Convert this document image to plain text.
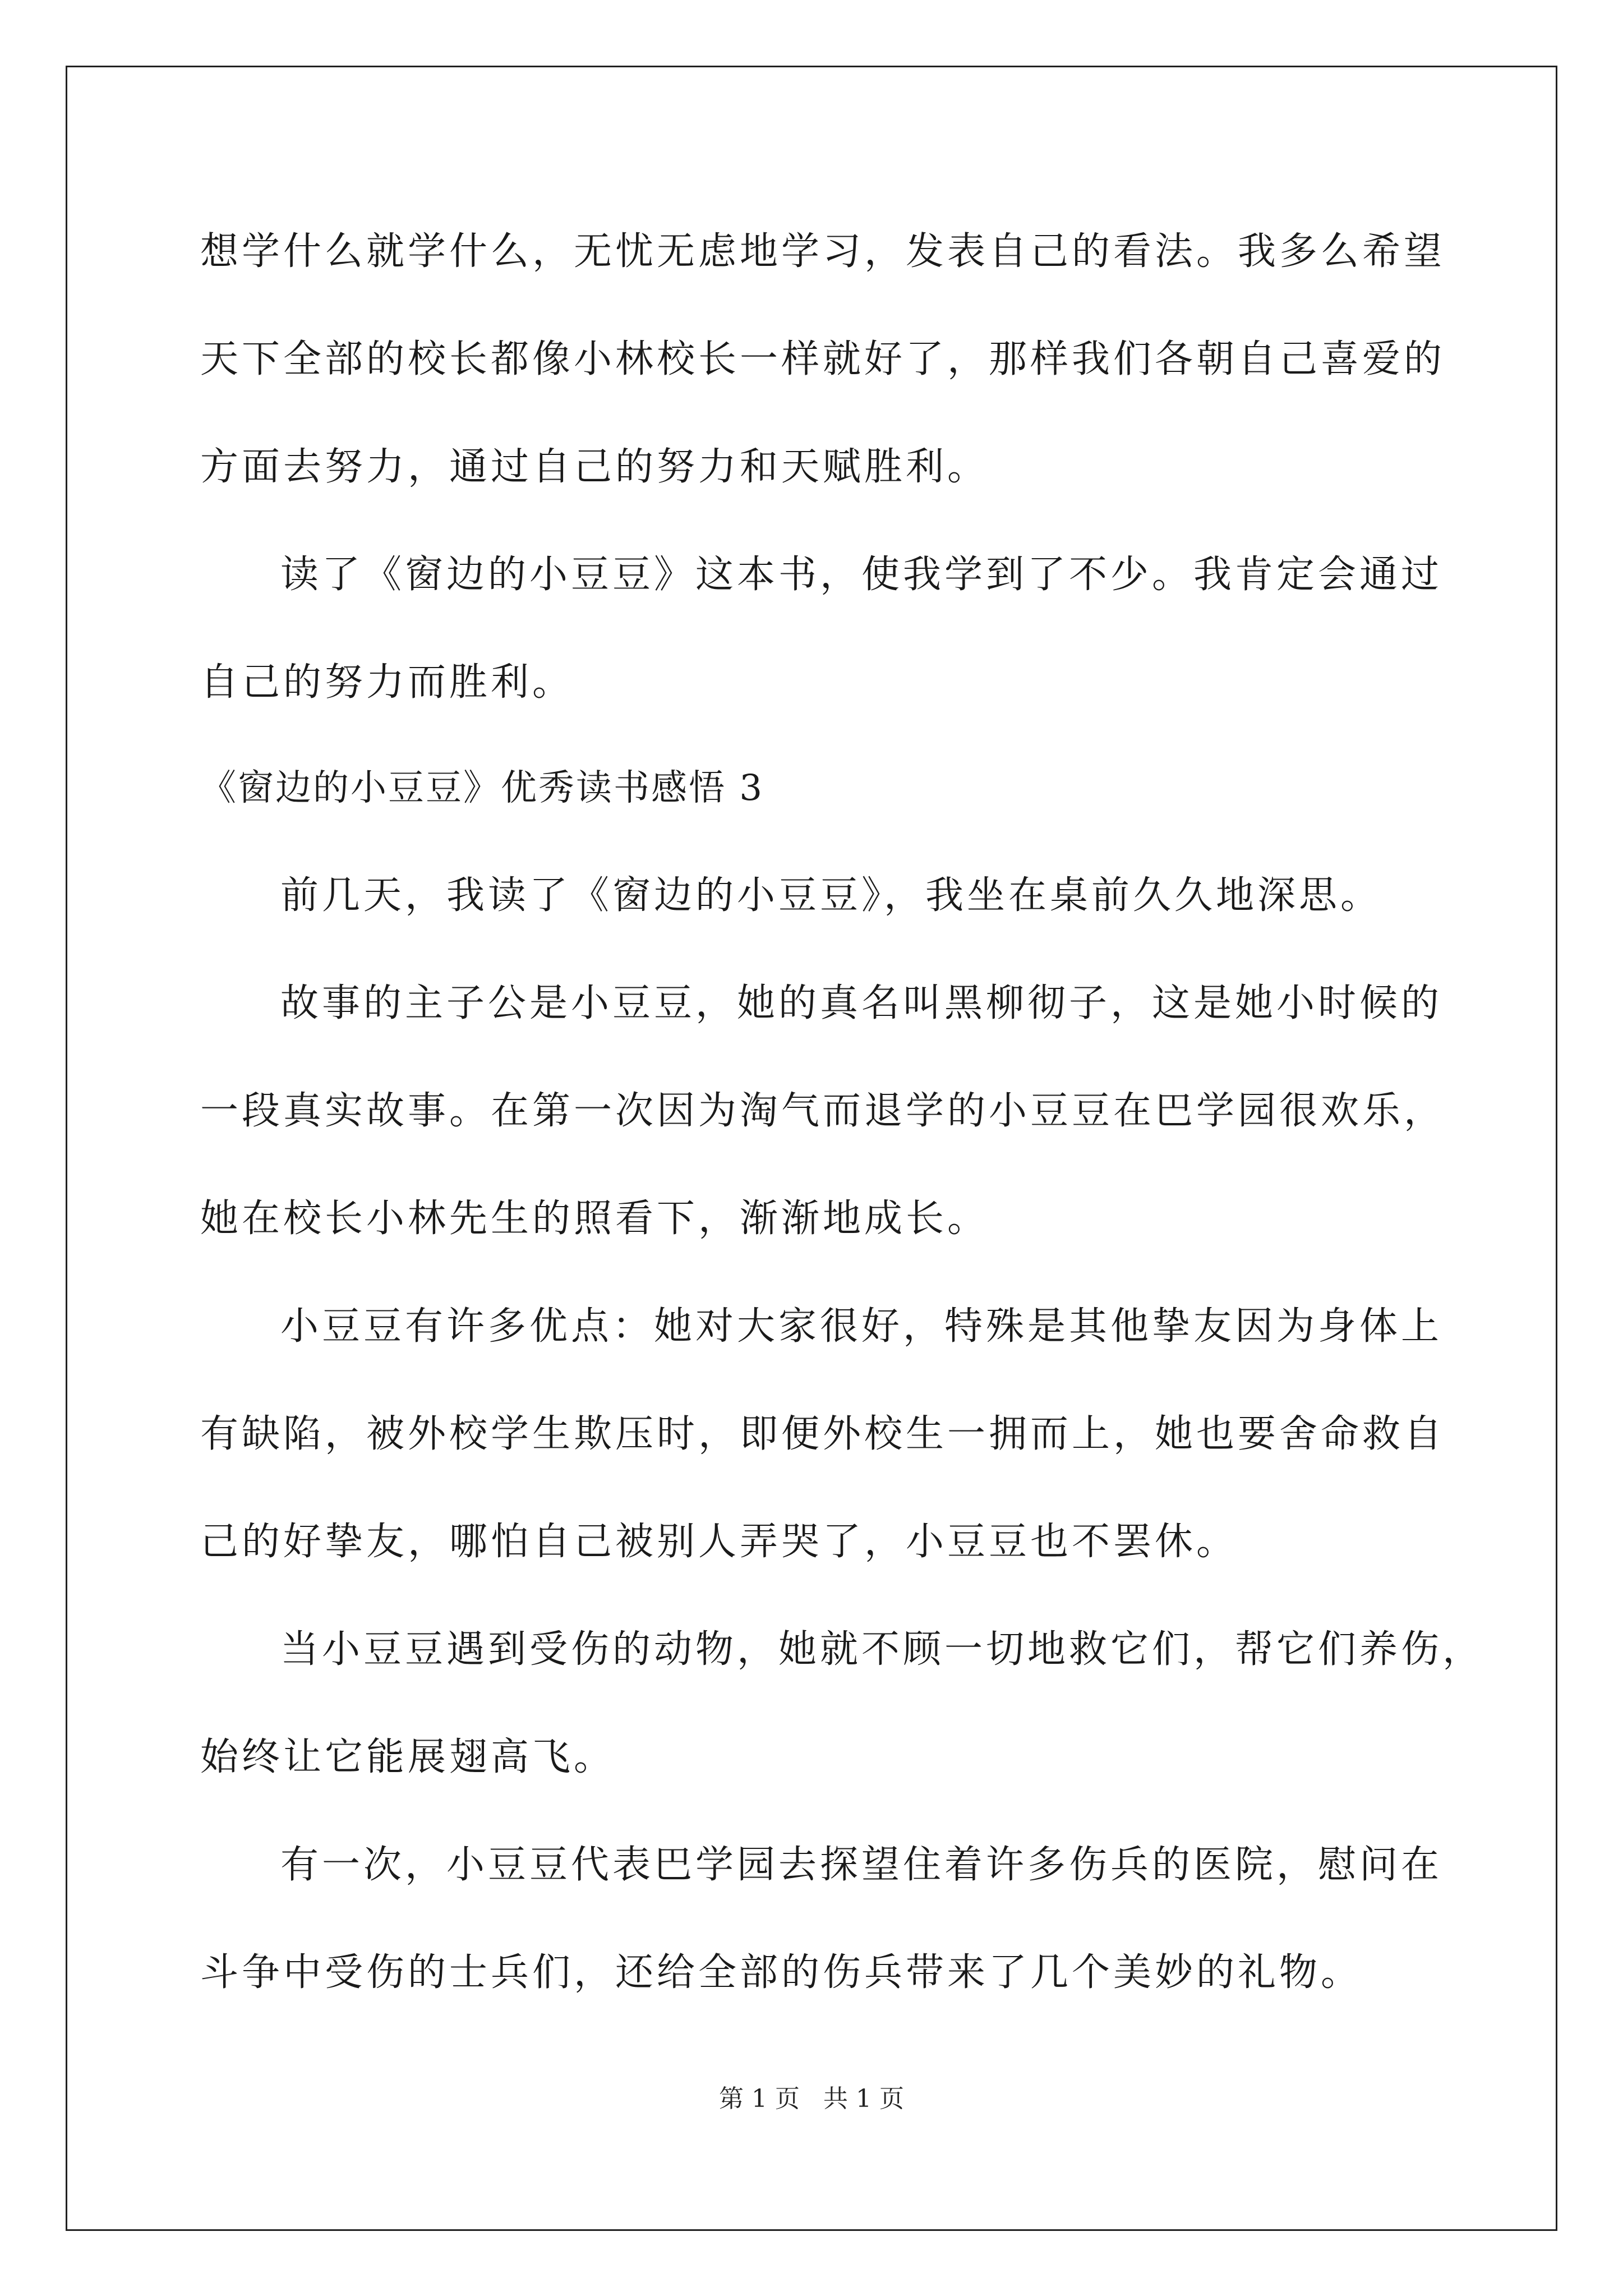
想学什么就学什么，无忧无虑地学习，发表自己的看法。我多么希望
天下全部的校长都像小林校长一样就好了，那样我们各朝自己喜爱的
方面去努力，通过自己的努力和天赋胜利。
读了《窗边的小豆豆》这本书，使我学到了不少。我肯定会通过
自己的努力而胜利。
《窗边的小豆豆》优秀读书感悟 3
前几天，我读了《窗边的小豆豆》，我坐在桌前久久地深思。
故事的主子公是小豆豆，她的真名叫黑柳彻子，这是她小时候的
一段真实故事。在第一次因为淘气而退学的小豆豆在巴学园很欢乐，
她在校长小林先生的照看下，渐渐地成长。
小豆豆有许多优点：她对大家很好，特殊是其他挚友因为身体上
有缺陷，被外校学生欺压时，即便外校生一拥而上，她也要舍命救自
己的好挚友，哪怕自己被别人弄哭了，小豆豆也不罢休。
当小豆豆遇到受伤的动物，她就不顾一切地救它们，帮它们养伤，
始终让它能展翅高飞。
有一次，小豆豆代表巴学园去探望住着许多伤兵的医院，慰问在
斗争中受伤的士兵们，还给全部的伤兵带来了几个美妙的礼物。
第 1 页   共 1 页
